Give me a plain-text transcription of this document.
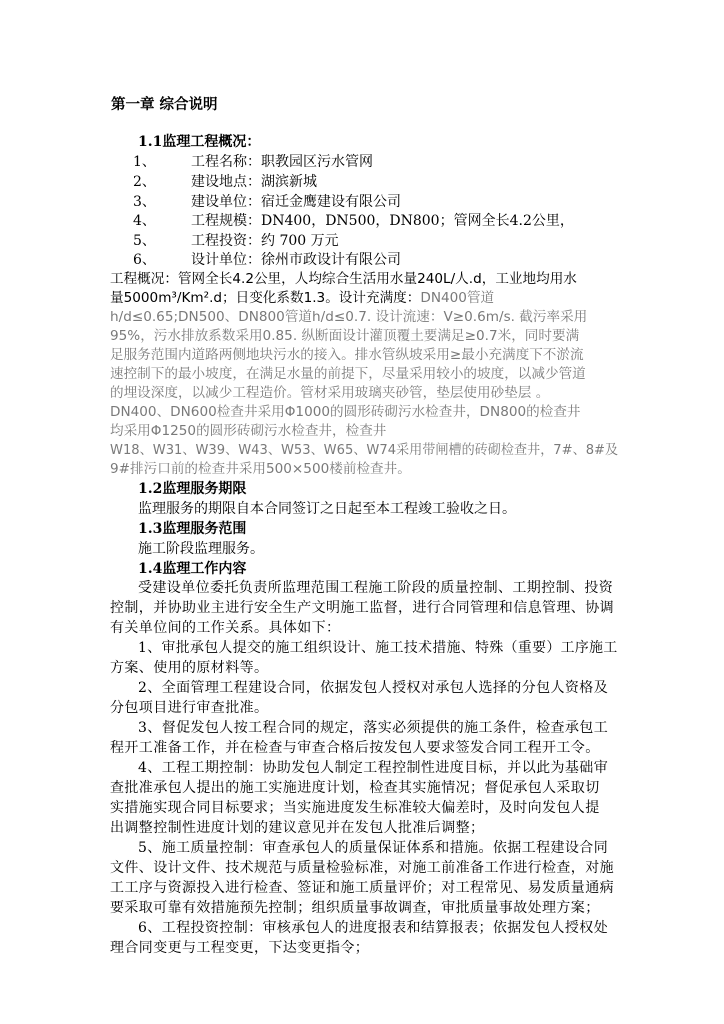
第一章 综合说明
1.1监理工程概况：
1、	工程名称：职教园区污水管网
2、	建设地点：湖滨新城
3、	建设单位：宿迁金鹰建设有限公司
4、	工程规模：DN400，DN500，DN800；管网全长4.2公里，
5、	工程投资：约 700 万元
6、	设计单位：徐州市政设计有限公司
工程概况：管网全长4.2公里，人均综合生活用水量240L/人.d，工业地均用水
量5000m³/Km².d；日变化系数1.3。设计充满度：DN400管道
h/d≤0.65;DN500、DN800管道h/d≤0.7. 设计流速：V≥0.6m/s. 截污率采用
95%，污水排放系数采用0.85. 纵断面设计灌顶覆土要满足≥0.7米，同时要满
足服务范围内道路两侧地块污水的接入。排水管纵坡采用≥最小充满度下不淤流
速控制下的最小坡度，在满足水量的前提下，尽量采用较小的坡度，以减少管道
的埋设深度，以减少工程造价。管材采用玻璃夹砂管，垫层使用砂垫层 。
DN400、DN600检查井采用Φ1000的圆形砖砌污水检查井，DN800的检查井
均采用Φ1250的圆形砖砌污水检查井，检查井
W18、W31、W39、W43、W53、W65、W74采用带闸槽的砖砌检查井，7#、8#及
9#排污口前的检查井采用500×500楼前检查井。
1.2监理服务期限
监理服务的期限自本合同签订之日起至本工程竣工验收之日。
1.3监理服务范围
施工阶段监理服务。
1.4监理工作内容
受建设单位委托负责所监理范围工程施工阶段的质量控制、工期控制、投资
控制，并协助业主进行安全生产文明施工监督，进行合同管理和信息管理、协调
有关单位间的工作关系。具体如下：
1、审批承包人提交的施工组织设计、施工技术措施、特殊（重要）工序施工
方案、使用的原材料等。
2、全面管理工程建设合同，依据发包人授权对承包人选择的分包人资格及
分包项目进行审查批准。
3、督促发包人按工程合同的规定，落实必须提供的施工条件，检查承包工
程开工准备工作，并在检查与审查合格后按发包人要求签发合同工程开工令。
4、工程工期控制：协助发包人制定工程控制性进度目标，并以此为基础审
查批准承包人提出的施工实施进度计划，检查其实施情况；督促承包人采取切
实措施实现合同目标要求；当实施进度发生标准较大偏差时，及时向发包人提
出调整控制性进度计划的建议意见并在发包人批准后调整；
5、施工质量控制：审查承包人的质量保证体系和措施。依据工程建设合同
文件、设计文件、技术规范与质量检验标准，对施工前准备工作进行检查，对施
工工序与资源投入进行检查、签证和施工质量评价；对工程常见、易发质量通病
要采取可靠有效措施预先控制；组织质量事故调查，审批质量事故处理方案；
6、工程投资控制：审核承包人的进度报表和结算报表；依据发包人授权处
理合同变更与工程变更，下达变更指令；
